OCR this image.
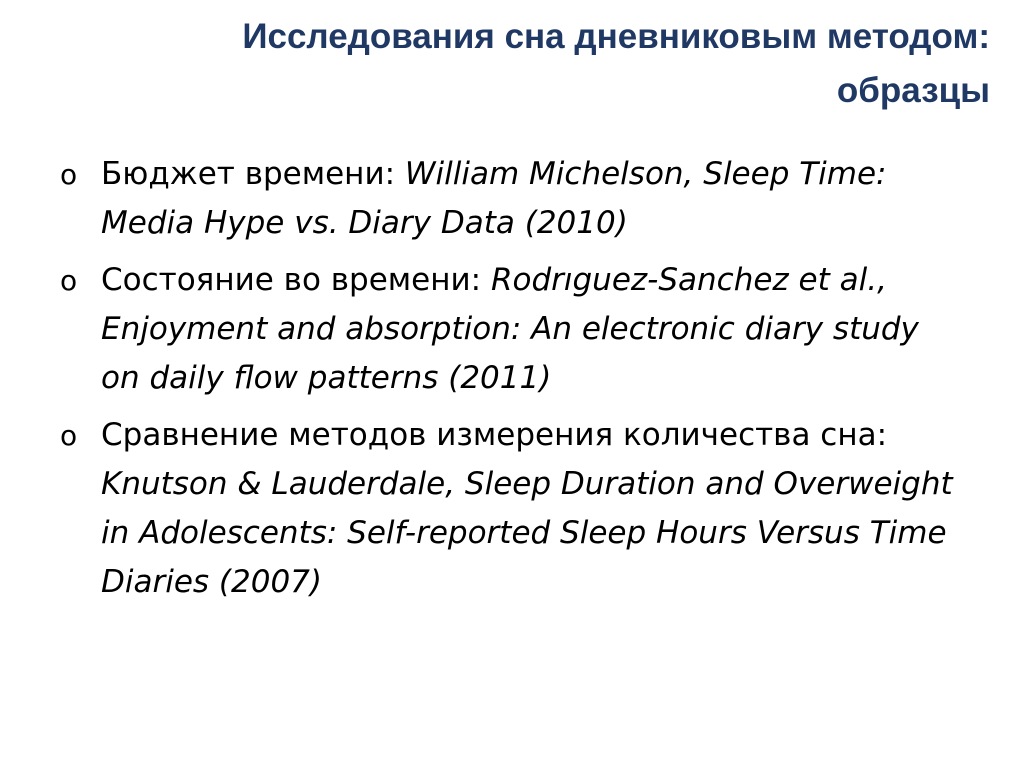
Исследования сна дневниковым методом:
образцы
o Бюджет времени: William Michelson, Sleep Time: Media Hype vs. Diary Data (2010)
o Состояние во времени: Rodrıguez-Sanchez et al., Enjoyment and absorption: An electronic diary study on daily flow patterns (2011)
o Сравнение методов измерения количества сна: Knutson & Lauderdale, Sleep Duration and Overweight in Adolescents: Self-reported Sleep Hours Versus Time Diaries (2007)
